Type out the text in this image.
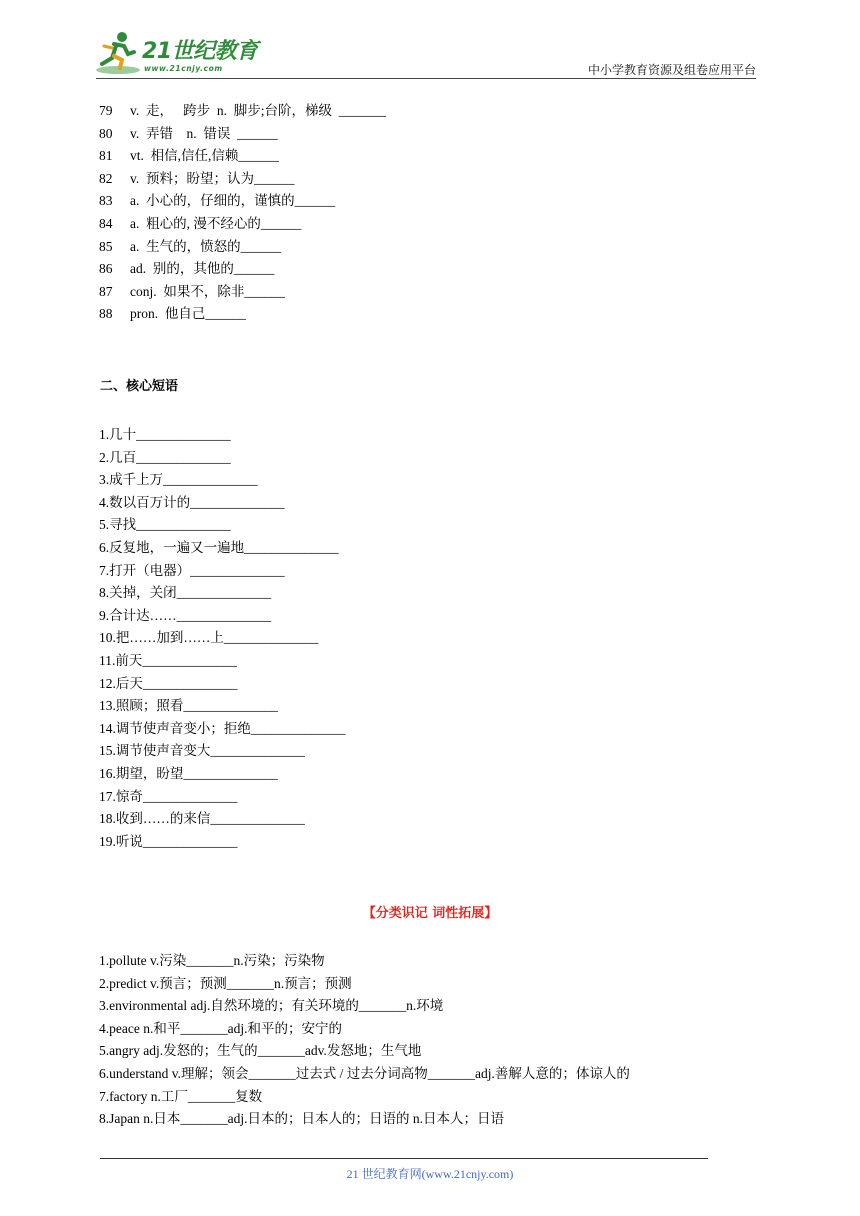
21世纪教育
www.21cnjy.com	中小学教育资源及组卷应用平台
79 v.  走，   跨步  n.  脚步;台阶，梯级  _______
80 v.  弄错    n.  错误  ______
81 vt.  相信,信任,信赖______
82 v.  预料；盼望；认为______
83 a.  小心的，仔细的，谨慎的______
84 a.  粗心的, 漫不经心的______
85 a.  生气的，愤怒的______
86 ad.  别的，其他的______
87 conj.  如果不，除非______
88 pron.  他自己______
二、核心短语
1.几十______________
2.几百______________
3.成千上万______________
4.数以百万计的______________
5.寻找______________
6.反复地，一遍又一遍地______________
7.打开（电器）______________
8.关掉，关闭______________
9.合计达……______________
10.把……加到……上______________
11.前天______________
12.后天______________
13.照顾；照看______________
14.调节使声音变小；拒绝______________
15.调节使声音变大______________
16.期望，盼望______________
17.惊奇______________
18.收到……的来信______________
19.听说______________
【分类识记 词性拓展】
1.pollute v.污染_______n.污染；污染物
2.predict v.预言；预测_______n.预言；预测
3.environmental adj.自然环境的；有关环境的_______n.环境
4.peace n.和平_______adj.和平的；安宁的
5.angry adj.发怒的；生气的_______adv.发怒地；生气地
6.understand v.理解；领会_______过去式 / 过去分词高物_______adj.善解人意的；体谅人的
7.factory n.工厂_______复数
8.Japan n.日本_______adj.日本的；日本人的；日语的 n.日本人；日语
21 世纪教育网(www.21cnjy.com)
